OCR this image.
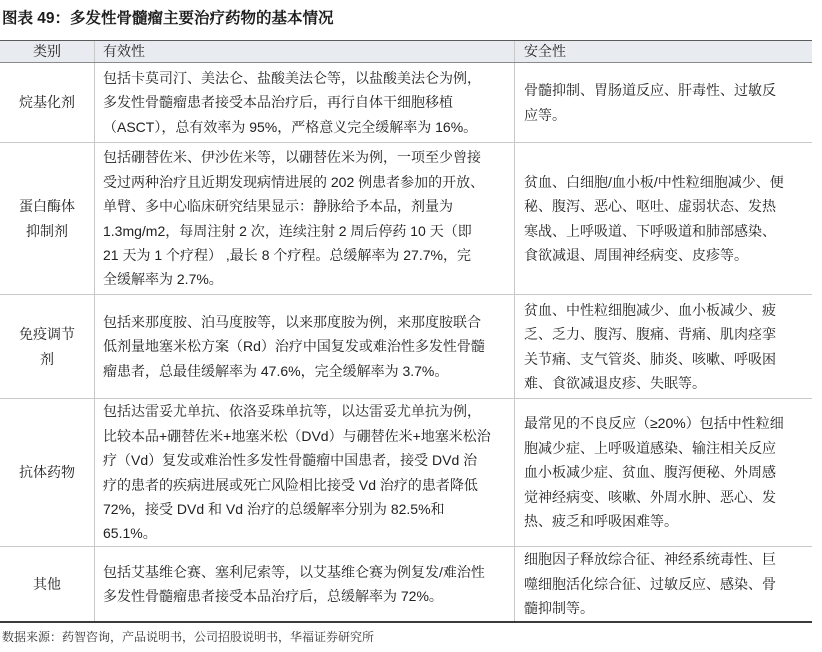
图表 49：多发性骨髓瘤主要治疗药物的基本情况
类别	有效性	安全性
烷基化剂
包括卡莫司汀、美法仑、盐酸美法仑等，以盐酸美法仑为例，
多发性骨髓瘤患者接受本品治疗后，再行自体干细胞移植
（ASCT），总有效率为 95%，严格意义完全缓解率为 16%。
骨髓抑制、胃肠道反应、肝毒性、过敏反
应等。
蛋白酶体
抑制剂
包括硼替佐米、伊沙佐米等，以硼替佐米为例，一项至少曾接
受过两种治疗且近期发现病情进展的 202 例患者参加的开放、
单臂、多中心临床研究结果显示：静脉给予本品，剂量为
1.3mg/m2，每周注射 2 次，连续注射 2 周后停药 10 天（即
21 天为 1 个疗程） ,最长 8 个疗程。总缓解率为 27.7%，完
全缓解率为 2.7%。
贫血、白细胞/血小板/中性粒细胞减少、便
秘、腹泻、恶心、呕吐、虚弱状态、发热
寒战、上呼吸道、下呼吸道和肺部感染、
食欲减退、周围神经病变、皮疹等。
免疫调节
剂
包括来那度胺、泊马度胺等，以来那度胺为例，来那度胺联合
低剂量地塞米松方案（Rd）治疗中国复发或难治性多发性骨髓
瘤患者，总最佳缓解率为 47.6%，完全缓解率为 3.7%。
贫血、中性粒细胞减少、血小板减少、疲
乏、乏力、腹泻、腹痛、背痛、肌肉痉挛
关节痛、支气管炎、肺炎、咳嗽、呼吸困
难、食欲减退皮疹、失眠等。
抗体药物
包括达雷妥尤单抗、依洛妥珠单抗等，以达雷妥尤单抗为例，
比较本品+硼替佐米+地塞米松（DVd）与硼替佐米+地塞米松治
疗（Vd）复发或难治性多发性骨髓瘤中国患者，接受 DVd 治
疗的患者的疾病进展或死亡风险相比接受 Vd 治疗的患者降低
72%，接受 DVd 和 Vd 治疗的总缓解率分别为 82.5%和
65.1%。
最常见的不良反应（≥20%）包括中性粒细
胞减少症、上呼吸道感染、输注相关反应
血小板减少症、贫血、腹泻便秘、外周感
觉神经病变、咳嗽、外周水肿、恶心、发
热、疲乏和呼吸困难等。
其他
包括艾基维仑赛、塞利尼索等，以艾基维仑赛为例复发/难治性
多发性骨髓瘤患者接受本品治疗后，总缓解率为 72%。
细胞因子释放综合征、神经系统毒性、巨
噬细胞活化综合征、过敏反应、感染、骨
髓抑制等。
数据来源：药智咨询，产品说明书，公司招股说明书，华福证券研究所
